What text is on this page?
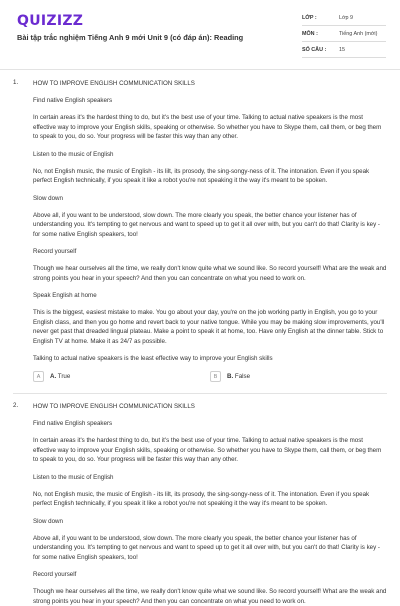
QUIZIZZ
Bài tập trắc nghiệm Tiếng Anh 9 mới Unit 9 (có đáp án): Reading
LỚP :	Lớp 9
MÔN :	Tiếng Anh (mới)
SỐ CÂU :	15
1. HOW TO IMPROVE ENGLISH COMMUNICATION SKILLS
Find native English speakers
In certain areas it's the hardest thing to do, but it's the best use of your time. Talking to actual native speakers is the most effective way to improve your English skills, speaking or otherwise. So whether you have to Skype them, call them, or beg them to speak to you, do so. Your progress will be faster this way than any other.
Listen to the music of English
No, not English music, the music of English - its lilt, its prosody, the sing-songy-ness of it. The intonation. Even if you speak perfect English technically, if you speak it like a robot you're not speaking it the way it's meant to be spoken.
Slow down
Above all, if you want to be understood, slow down. The more clearly you speak, the better chance your listener has of understanding you. It's tempting to get nervous and want to speed up to get it all over with, but you can't do that! Clarity is key - for some native English speakers, too!
Record yourself
Though we hear ourselves all the time, we really don't know quite what we sound like. So record yourself! What are the weak and strong points you hear in your speech? And then you can concentrate on what you need to work on.
Speak English at home
This is the biggest, easiest mistake to make. You go about your day, you're on the job working partly in English, you go to your English class, and then you go home and revert back to your native tongue. While you may be making slow improvements, you'll never get past that dreaded lingual plateau. Make a point to speak it at home, too. Have only English at the dinner table. Stick to English TV at home. Make it as 24/7 as possible.
Talking to actual native speakers is the least effective way to improve your English skills
A	A. True	B	B. False
2. HOW TO IMPROVE ENGLISH COMMUNICATION SKILLS
Find native English speakers
In certain areas it's the hardest thing to do, but it's the best use of your time. Talking to actual native speakers is the most effective way to improve your English skills, speaking or otherwise. So whether you have to Skype them, call them, or beg them to speak to you, do so. Your progress will be faster this way than any other.
Listen to the music of English
No, not English music, the music of English - its lilt, its prosody, the sing-songy-ness of it. The intonation. Even if you speak perfect English technically, if you speak it like a robot you're not speaking it the way it's meant to be spoken.
Slow down
Above all, if you want to be understood, slow down. The more clearly you speak, the better chance your listener has of understanding you. It's tempting to get nervous and want to speed up to get it all over with, but you can't do that! Clarity is key - for some native English speakers, too!
Record yourself
Though we hear ourselves all the time, we really don't know quite what we sound like. So record yourself! What are the weak and strong points you hear in your speech? And then you can concentrate on what you need to work on.
